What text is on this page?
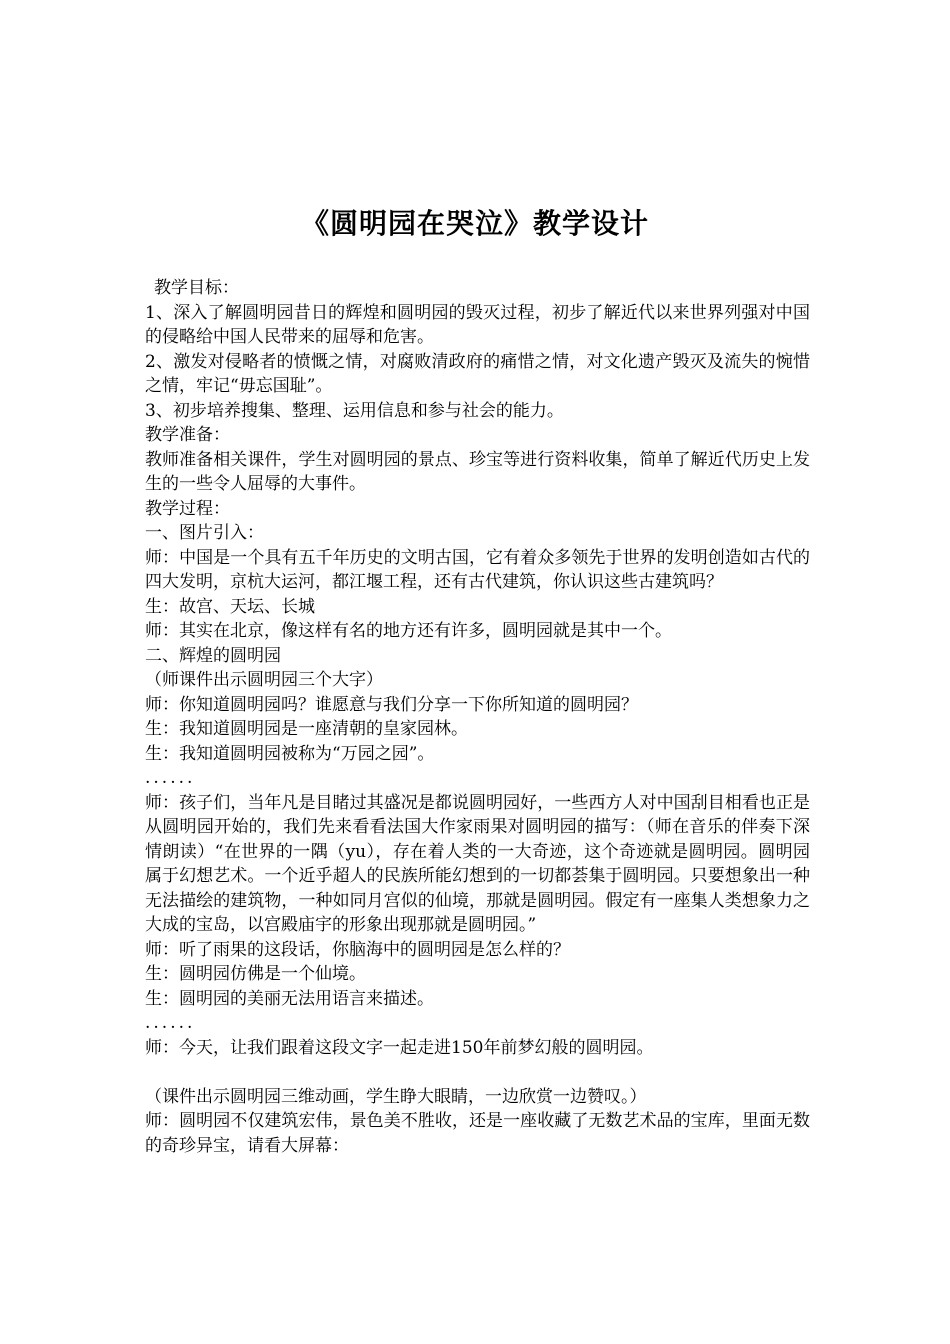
《圆明园在哭泣》教学设计

教学目标：

1、深入了解圆明园昔日的辉煌和圆明园的毁灭过程，初步了解近代以来世界列强对中国的侵略给中国人民带来的屈辱和危害。

2、激发对侵略者的愤慨之情，对腐败清政府的痛惜之情，对文化遗产毁灭及流失的惋惜之情，牢记“毋忘国耻”。

3、初步培养搜集、整理、运用信息和参与社会的能力。

教学准备：

教师准备相关课件，学生对圆明园的景点、珍宝等进行资料收集，简单了解近代历史上发生的一些令人屈辱的大事件。

教学过程：

一、图片引入：

师：中国是一个具有五千年历史的文明古国，它有着众多领先于世界的发明创造如古代的四大发明，京杭大运河，都江堰工程，还有古代建筑，你认识这些古建筑吗？

生：故宫、天坛、长城

师：其实在北京，像这样有名的地方还有许多，圆明园就是其中一个。

二、辉煌的圆明园

（师课件出示圆明园三个大字）

师：你知道圆明园吗？谁愿意与我们分享一下你所知道的圆明园？

生：我知道圆明园是一座清朝的皇家园林。

生：我知道圆明园被称为“万园之园”。

......

师：孩子们，当年凡是目睹过其盛况是都说圆明园好，一些西方人对中国刮目相看也正是从圆明园开始的，我们先来看看法国大作家雨果对圆明园的描写：（师在音乐的伴奏下深情朗读）“在世界的一隅（yu），存在着人类的一大奇迹，这个奇迹就是圆明园。圆明园属于幻想艺术。一个近乎超人的民族所能幻想到的一切都荟集于圆明园。只要想象出一种无法描绘的建筑物，一种如同月宫似的仙境，那就是圆明园。假定有一座集人类想象力之大成的宝岛，以宫殿庙宇的形象出现那就是圆明园。”

师：听了雨果的这段话，你脑海中的圆明园是怎么样的？

生：圆明园仿佛是一个仙境。

生：圆明园的美丽无法用语言来描述。

......

师：今天，让我们跟着这段文字一起走进150年前梦幻般的圆明园。

（课件出示圆明园三维动画，学生睁大眼睛，一边欣赏一边赞叹。）

师：圆明园不仅建筑宏伟，景色美不胜收，还是一座收藏了无数艺术品的宝库，里面无数的奇珍异宝，请看大屏幕：
